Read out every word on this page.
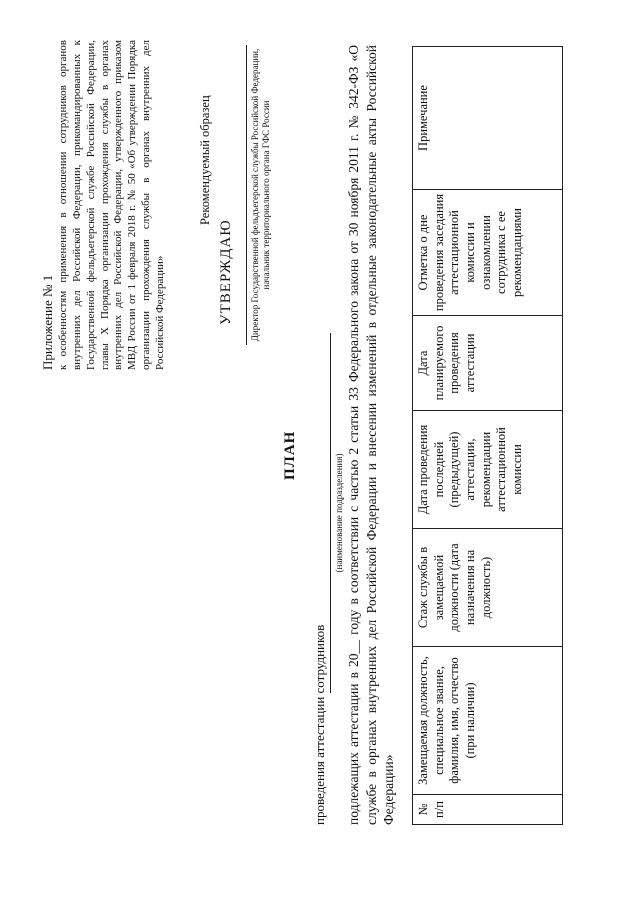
Приложение № 1 к особенностям применения в отношении сотрудников органов внутренних дел Российской Федерации, прикомандированных к Государственной фельдъегерской службе Российской Федерации, главы X Порядка организации прохождения службы в органах внутренних дел Российской Федерации, утвержденного приказом МВД России от 1 февраля 2018 г. № 50 «Об утверждении Порядка организации прохождения службы в органах внутренних дел Российской Федерации»
Рекомендуемый образец
УТВЕРЖДАЮ Директор Государственной фельдъегерской службы Российской Федерации, начальник территориального органа ГФС России
ПЛАН
проведения аттестации сотрудников
(наименование подразделения) подлежащих аттестации в 20__ году в соответствии с частью 2 статьи 33 Федерального закона от 30 ноября 2011 г. № 342-ФЗ «О службе в органах внутренних дел Российской Федерации и внесении изменений в отдельные законодательные акты Российской Федерации» № п/п	Замещаемая должность, специальное звание, фамилия, имя, отчество (при наличии)	Стаж службы в замещаемой должности (дата назначения на должность)	Дата проведения последней (предыдущей) аттестации, рекомендации аттестационной комиссии	Дата планируемого проведения аттестации	Отметка о дне проведения заседания аттестационной комиссии и ознакомлении сотрудника с ее рекомендациями	Примечание
